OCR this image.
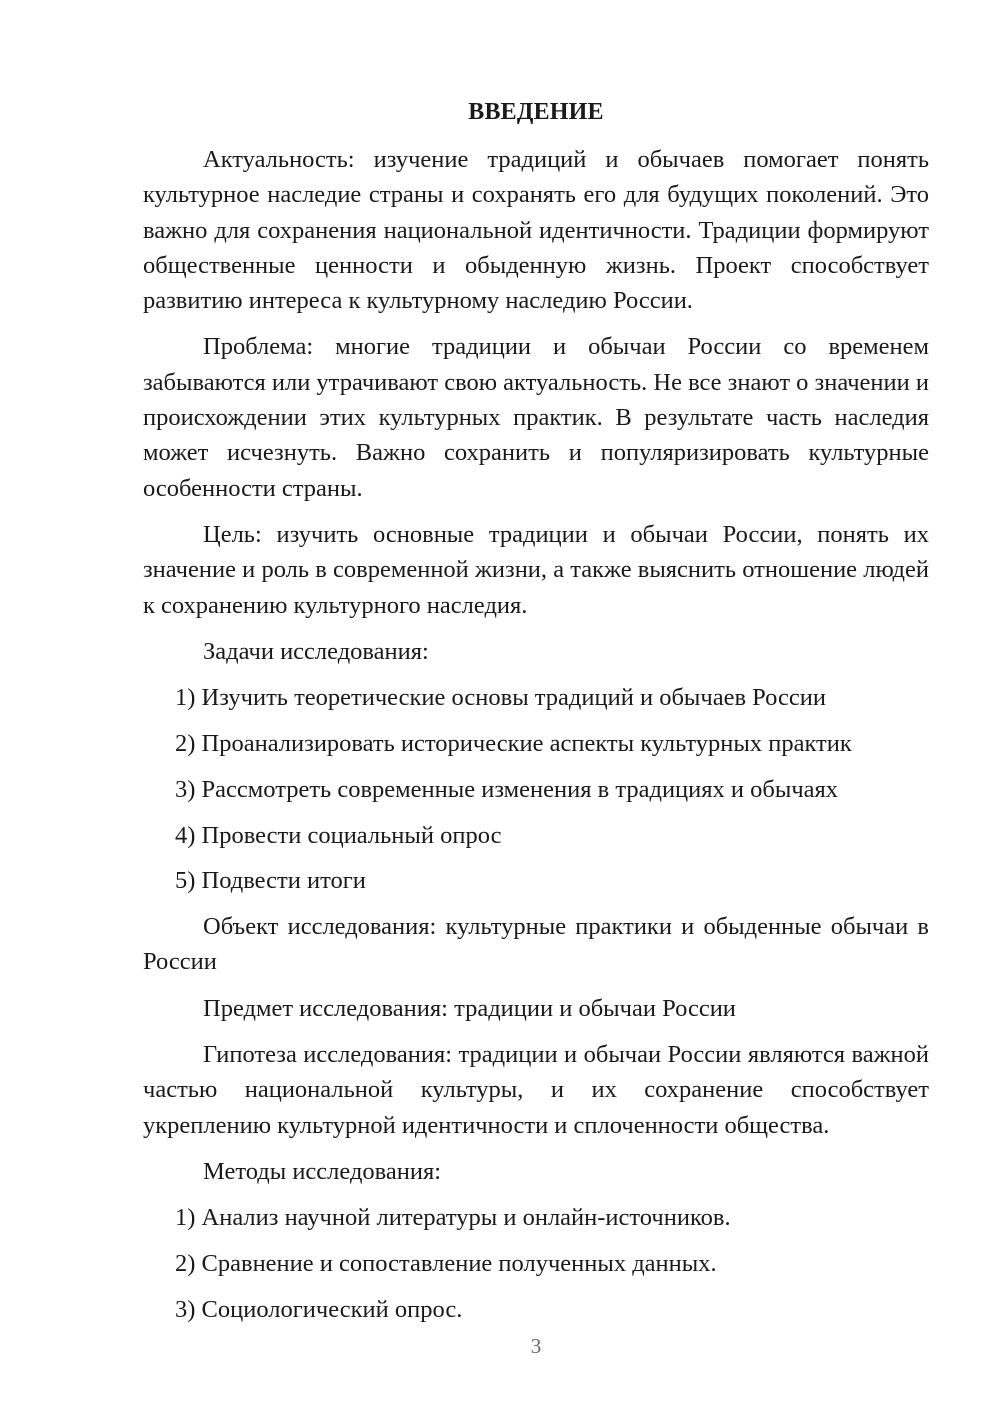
ВВЕДЕНИЕ

Актуальность: изучение традиций и обычаев помогает понять культурное наследие страны и сохранять его для будущих поколений. Это важно для сохранения национальной идентичности. Традиции формируют общественные ценности и обыденную жизнь. Проект способствует развитию интереса к культурному наследию России.

Проблема: многие традиции и обычаи России со временем забываются или утрачивают свою актуальность. Не все знают о значении и происхождении этих культурных практик. В результате часть наследия может исчезнуть. Важно сохранить и популяризировать культурные особенности страны.

Цель: изучить основные традиции и обычаи России, понять их значение и роль в современной жизни, а также выяснить отношение людей к сохранению культурного наследия.

Задачи исследования:

1) Изучить теоретические основы традиций и обычаев России
2) Проанализировать исторические аспекты культурных практик
3) Рассмотреть современные изменения в традициях и обычаях
4) Провести социальный опрос
5) Подвести итоги

Объект исследования: культурные практики и обыденные обычаи в России

Предмет исследования: традиции и обычаи России

Гипотеза исследования: традиции и обычаи России являются важной частью национальной культуры, и их сохранение способствует укреплению культурной идентичности и сплоченности общества.

Методы исследования:

1) Анализ научной литературы и онлайн-источников.
2) Сравнение и сопоставление полученных данных.
3) Социологический опрос.
3
